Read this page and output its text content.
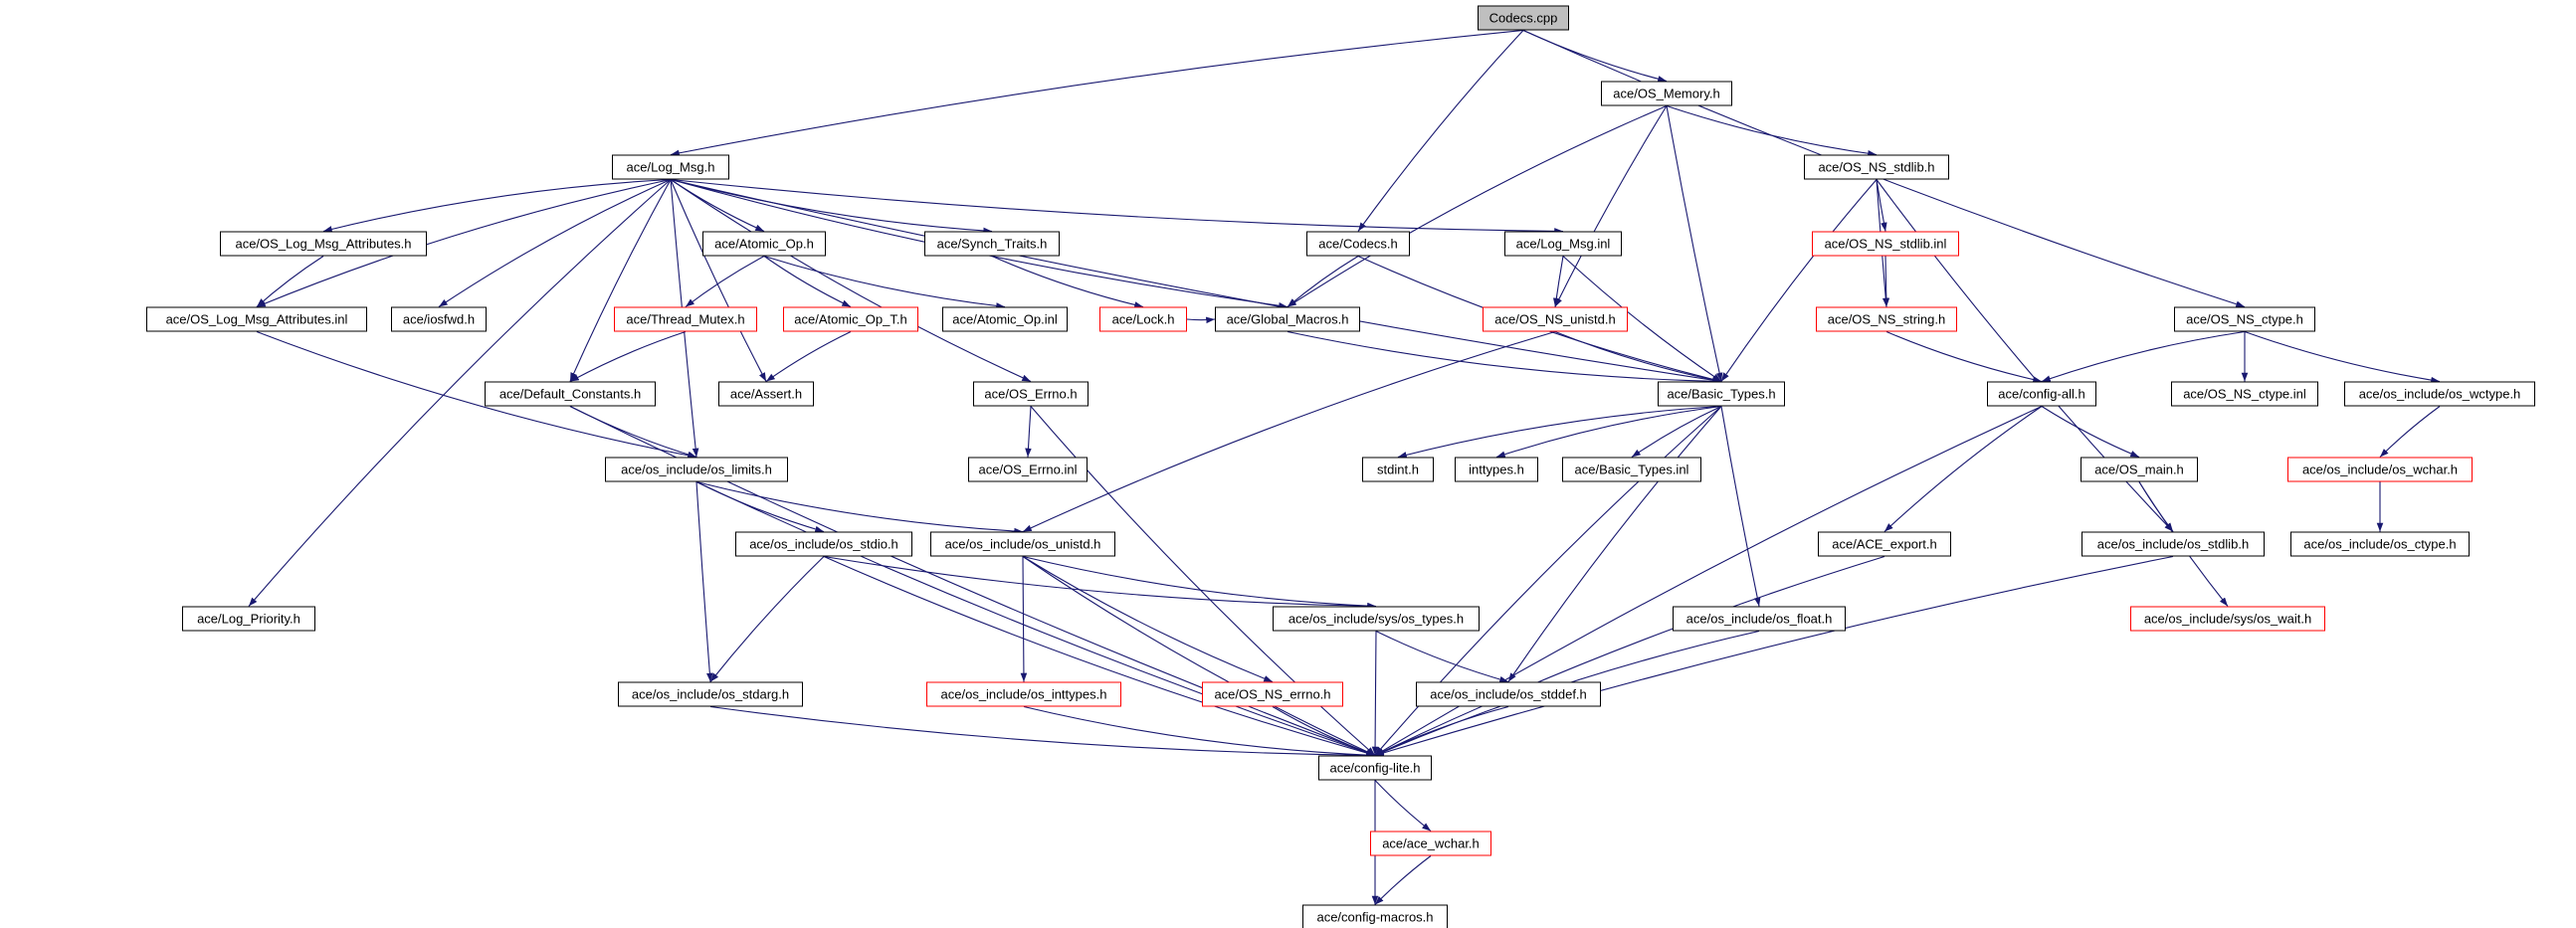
Codecs.cpp
ace/OS_Memory.h
ace/Log_Msg.h	ace/OS_NS_stdlib.h
ace/OS_Log_Msg_Attributes.h	ace/Atomic_Op.h	ace/Synch_Traits.h	ace/Codecs.h	ace/Log_Msg.inl	ace/OS_NS_stdlib.inl
ace/OS_Log_Msg_Attributes.inl	ace/iosfwd.h	ace/Thread_Mutex.h	ace/Atomic_Op_T.h	ace/Atomic_Op.inl	ace/Lock.h	ace/Global_Macros.h	ace/OS_NS_unistd.h	ace/OS_NS_string.h	ace/OS_NS_ctype.h
ace/Default_Constants.h	ace/Assert.h	ace/OS_Errno.h	ace/Basic_Types.h	ace/config-all.h	ace/OS_NS_ctype.inl	ace/os_include/os_wctype.h
ace/os_include/os_limits.h	ace/OS_Errno.inl	stdint.h	inttypes.h	ace/Basic_Types.inl	ace/OS_main.h	ace/os_include/os_wchar.h
ace/os_include/os_stdio.h	ace/os_include/os_unistd.h	ace/ACE_export.h	ace/os_include/os_stdlib.h	ace/os_include/os_ctype.h
ace/Log_Priority.h	ace/os_include/sys/os_types.h	ace/os_include/os_float.h	ace/os_include/sys/os_wait.h
ace/os_include/os_stdarg.h	ace/os_include/os_inttypes.h	ace/OS_NS_errno.h	ace/os_include/os_stddef.h
ace/config-lite.h
ace/ace_wchar.h
ace/config-macros.h
